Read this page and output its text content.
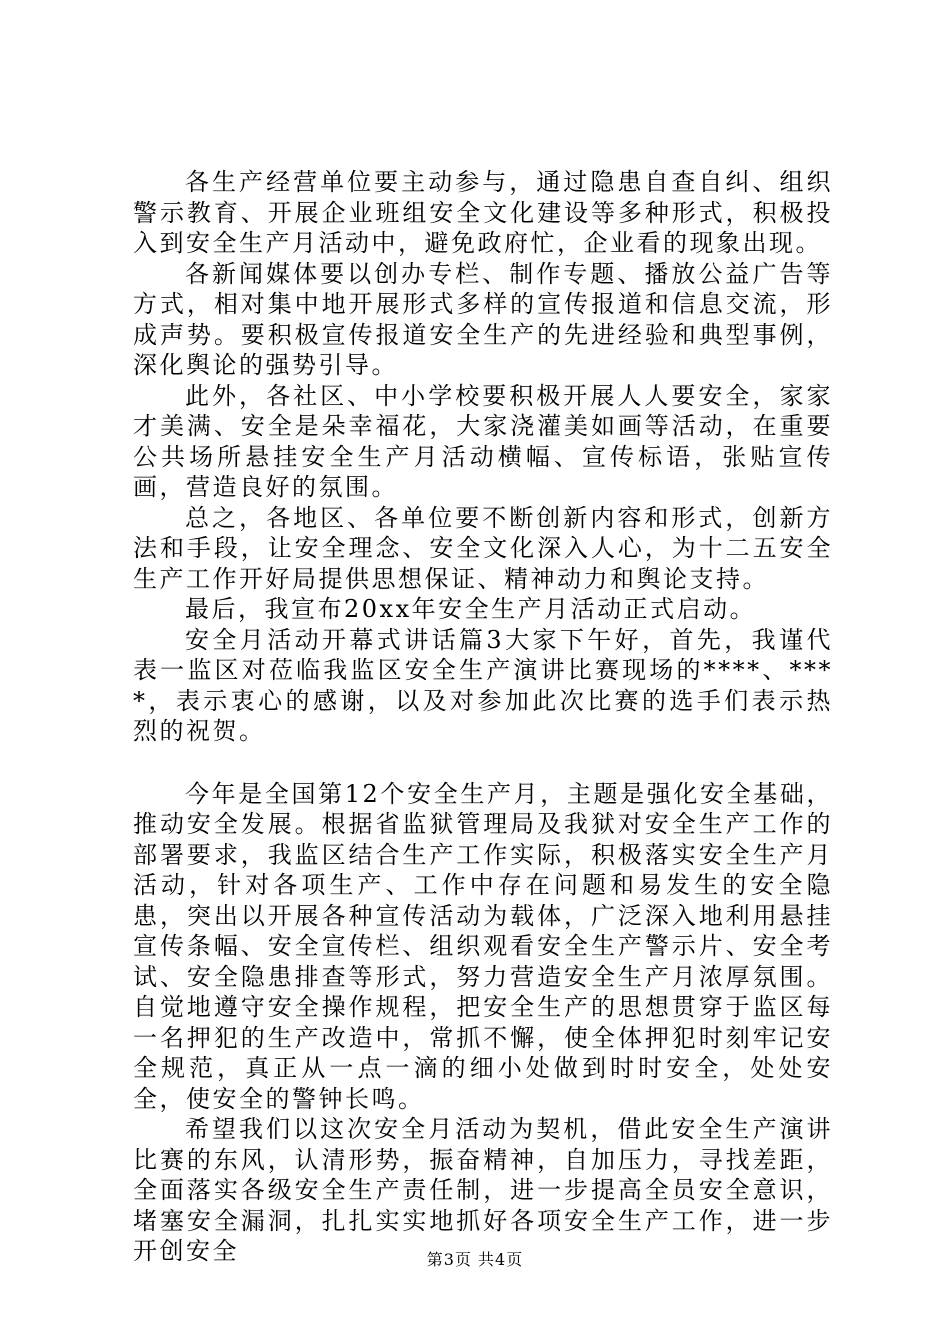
各生产经营单位要主动参与，通过隐患自查自纠、组织警示教育、开展企业班组安全文化建设等多种形式，积极投入到安全生产月活动中，避免政府忙，企业看的现象出现。

各新闻媒体要以创办专栏、制作专题、播放公益广告等方式，相对集中地开展形式多样的宣传报道和信息交流，形成声势。要积极宣传报道安全生产的先进经验和典型事例，深化舆论的强势引导。

此外，各社区、中小学校要积极开展人人要安全，家家才美满、安全是朵幸福花，大家浇灌美如画等活动，在重要公共场所悬挂安全生产月活动横幅、宣传标语，张贴宣传画，营造良好的氛围。

总之，各地区、各单位要不断创新内容和形式，创新方法和手段，让安全理念、安全文化深入人心，为十二五安全生产工作开好局提供思想保证、精神动力和舆论支持。

最后，我宣布20xx年安全生产月活动正式启动。

安全月活动开幕式讲话篇3大家下午好，首先，我谨代表一监区对莅临我监区安全生产演讲比赛现场的****、****，表示衷心的感谢，以及对参加此次比赛的选手们表示热烈的祝贺。

今年是全国第12个安全生产月，主题是强化安全基础，推动安全发展。根据省监狱管理局及我狱对安全生产工作的部署要求，我监区结合生产工作实际，积极落实安全生产月活动，针对各项生产、工作中存在问题和易发生的安全隐患，突出以开展各种宣传活动为载体，广泛深入地利用悬挂宣传条幅、安全宣传栏、组织观看安全生产警示片、安全考试、安全隐患排查等形式，努力营造安全生产月浓厚氛围。自觉地遵守安全操作规程，把安全生产的思想贯穿于监区每一名押犯的生产改造中，常抓不懈，使全体押犯时刻牢记安全规范，真正从一点一滴的细小处做到时时安全，处处安全，使安全的警钟长鸣。

希望我们以这次安全月活动为契机，借此安全生产演讲比赛的东风，认清形势，振奋精神，自加压力，寻找差距，全面落实各级安全生产责任制，进一步提高全员安全意识，堵塞安全漏洞，扎扎实实地抓好各项安全生产工作，进一步开创安全	第3页 共4页
